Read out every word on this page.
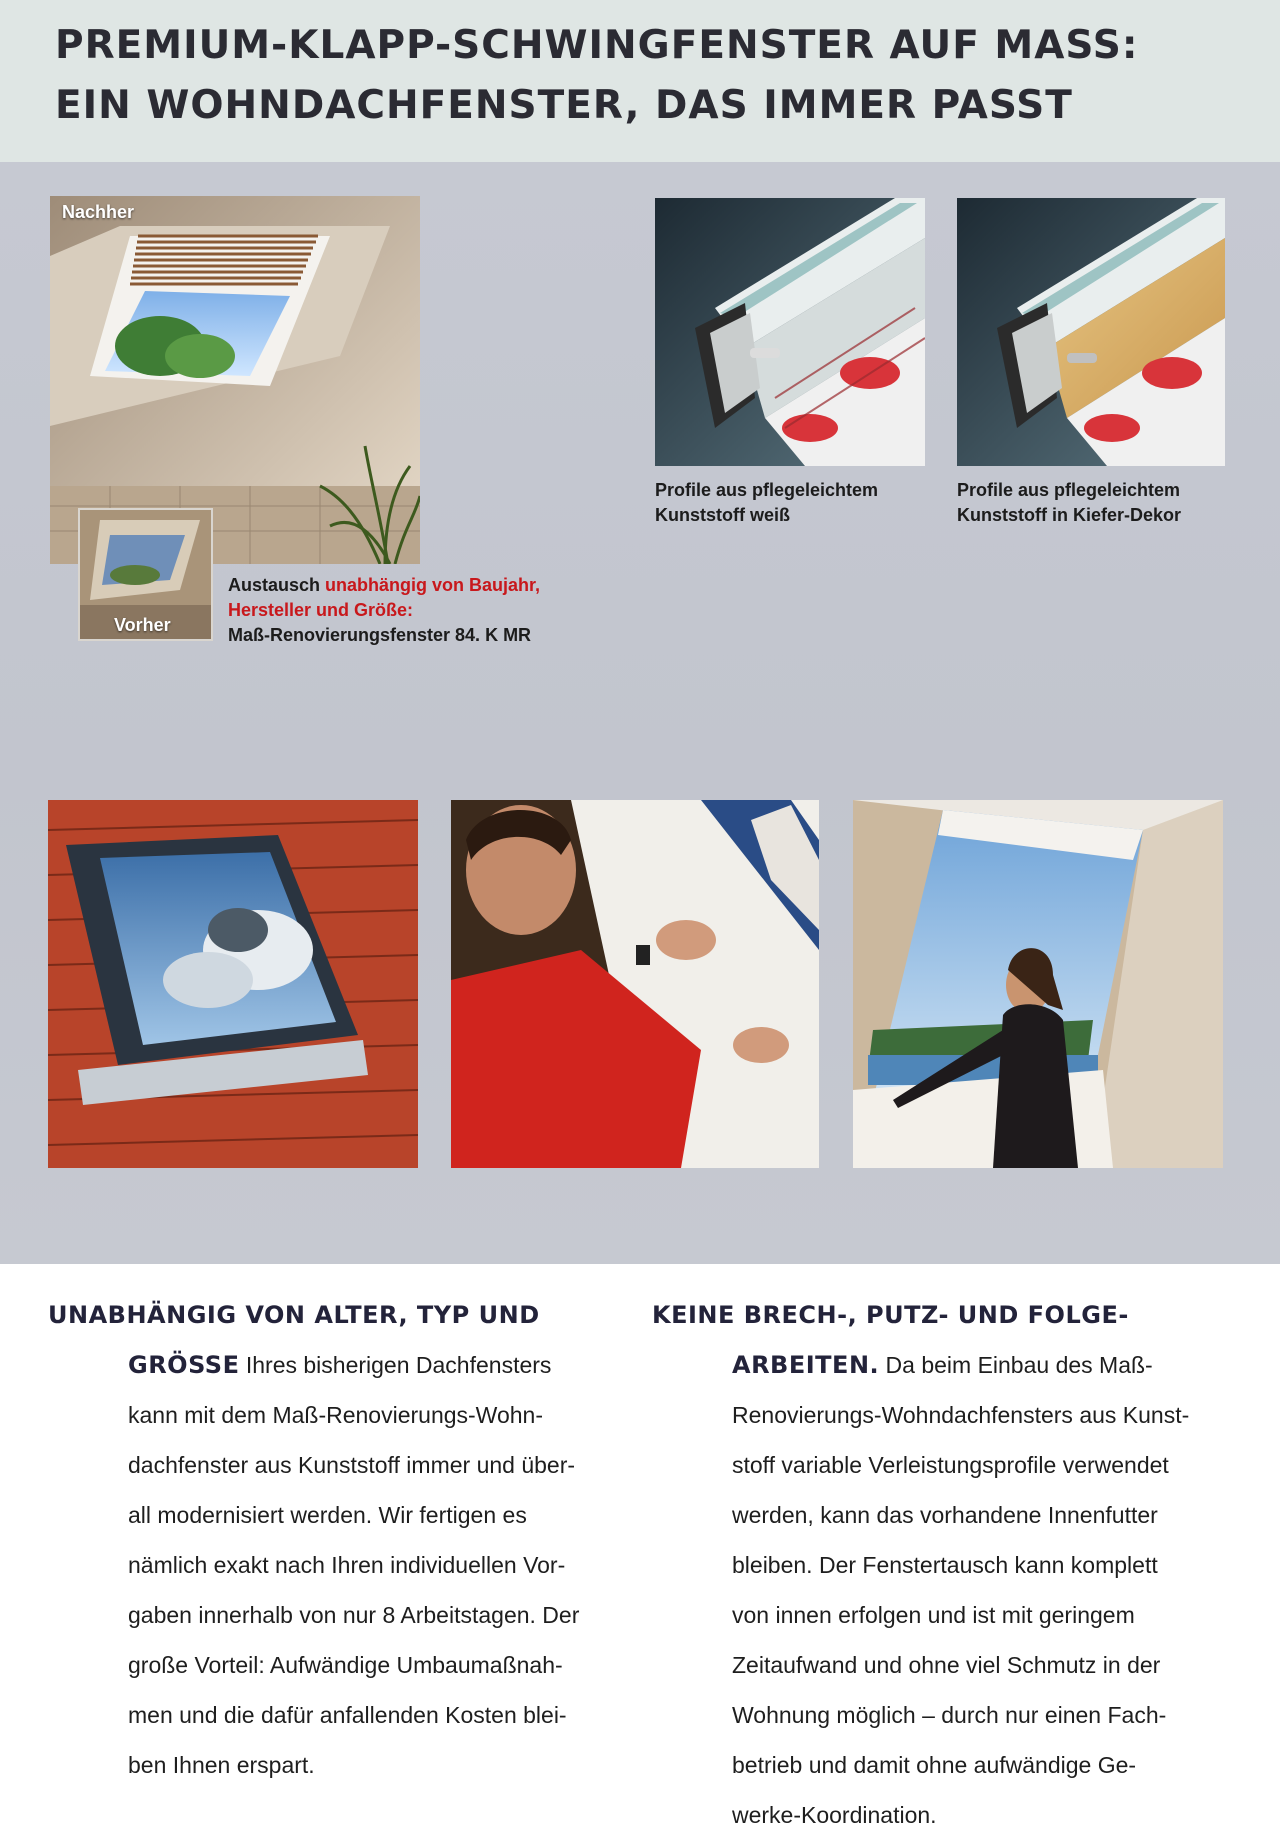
PREMIUM-KLAPP-SCHWINGFENSTER AUF MASS:
EIN WOHNDACHFENSTER, DAS IMMER PASST
Nachher
Vorher
Austausch unabhängig von Baujahr,
Hersteller und Größe:
Maß-Renovierungsfenster 84. K MR
Profile aus pflegeleichtem
Kunststoff weiß
Profile aus pflegeleichtem
Kunststoff in Kiefer-Dekor
UNABHÄNGIG VON ALTER, TYP UND
GRÖSSE Ihres bisherigen Dachfensters
kann mit dem Maß-Renovierungs-Wohn-
dachfenster aus Kunststoff immer und über-
all modernisiert werden. Wir fertigen es
nämlich exakt nach Ihren individuellen Vor-
gaben innerhalb von nur 8 Arbeitstagen. Der
große Vorteil: Aufwändige Umbaumaßnah-
men und die dafür anfallenden Kosten blei-
ben Ihnen erspart.
KEINE BRECH-, PUTZ- UND FOLGE-
ARBEITEN. Da beim Einbau des Maß-
Renovierungs-Wohndachfensters aus Kunst-
stoff variable Verleistungsprofile verwendet
werden, kann das vorhandene Innenfutter
bleiben. Der Fenstertausch kann komplett
von innen erfolgen und ist mit geringem
Zeitaufwand und ohne viel Schmutz in der
Wohnung möglich – durch nur einen Fach-
betrieb und damit ohne aufwändige Ge-
werke-Koordination.
